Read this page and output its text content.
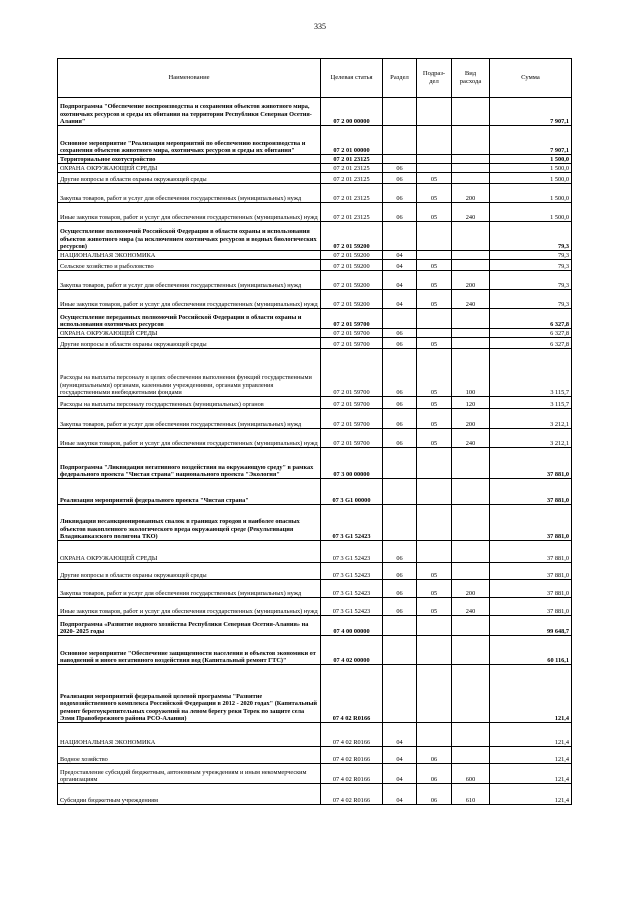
335
Наименование	Целевая статья	Раздел	Подраз-дел	Вид расхода	Сумма
Подпрограмма "Обеспечение воспроизводства и сохранения объектов животного мира, охотничьих ресурсов и среды их обитания на территории Республики Северная Осетия-Алания"	07 2 00 00000				7 907,1
Основное мероприятие "Реализация мероприятий по обеспечению воспроизводства и сохранения объектов животного мира, охотничьих ресурсов и среды их обитания"	07 2 01 00000				7 907,1
Территориальное охотустройство	07 2 01 23125				1 500,0
ОХРАНА ОКРУЖАЮЩЕЙ СРЕДЫ	07 2 01 23125	06			1 500,0
Другие вопросы в области охраны окружающей среды	07 2 01 23125	06	05		1 500,0
Закупка товаров, работ и услуг для обеспечения государственных (муниципальных) нужд	07 2 01 23125	06	05	200	1 500,0
Иные закупки товаров, работ и услуг для обеспечения государственных (муниципальных) нужд	07 2 01 23125	06	05	240	1 500,0
Осуществление полномочий Российской Федерации в области охраны и использования объектов животного мира (за исключением охотничьих ресурсов и водных биологических ресурсов)	07 2 01 59200				79,3
НАЦИОНАЛЬНАЯ ЭКОНОМИКА	07 2 01 59200	04			79,3
Сельское хозяйство и рыболовство	07 2 01 59200	04	05		79,3
Закупка товаров, работ и услуг для обеспечения государственных (муниципальных) нужд	07 2 01 59200	04	05	200	79,3
Иные закупки товаров, работ и услуг для обеспечения государственных (муниципальных) нужд	07 2 01 59200	04	05	240	79,3
Осуществление переданных полномочий Российской Федерации в области охраны и использования охотничьих ресурсов	07 2 01 59700				6 327,8
ОХРАНА ОКРУЖАЮЩЕЙ СРЕДЫ	07 2 01 59700	06			6 327,8
Другие вопросы в области охраны окружающей среды	07 2 01 59700	06	05		6 327,8
Расходы на выплаты персоналу в целях обеспечения выполнения функций государственными (муниципальными) органами, казенными учреждениями, органами управления государственными внебюджетными фондами	07 2 01 59700	06	05	100	3 115,7
Расходы на выплаты персоналу государственных (муниципальных) органов	07 2 01 59700	06	05	120	3 115,7
Закупка товаров, работ и услуг для обеспечения государственных (муниципальных) нужд	07 2 01 59700	06	05	200	3 212,1
Иные закупки товаров, работ и услуг для обеспечения государственных (муниципальных) нужд	07 2 01 59700	06	05	240	3 212,1
Подпрограмма "Ликвидация негативного воздействия на окружающую среду" в рамках федерального проекта "Чистая страна" национального проекта "Экология"	07 3 00 00000				37 881,0
Реализация мероприятий федерального проекта "Чистая страна"	07 3 G1 00000				37 881,0
Ликвидация несанкционированных свалок в границах городов и наиболее опасных объектов накопленного экологического вреда окружающей среде (Рекультивация Владикавказского полигона ТКО)	07 3 G1 52423				37 881,0
ОХРАНА ОКРУЖАЮЩЕЙ СРЕДЫ	07 3 G1 52423	06			37 881,0
Другие вопросы в области охраны окружающей среды	07 3 G1 52423	06	05		37 881,0
Закупка товаров, работ и услуг для обеспечения государственных (муниципальных) нужд	07 3 G1 52423	06	05	200	37 881,0
Иные закупки товаров, работ и услуг для обеспечения государственных (муниципальных) нужд	07 3 G1 52423	06	05	240	37 881,0
Подпрограмма «Развитие водного хозяйства Республики Северная Осетия-Алания» на 2020- 2025 годы	07 4 00 00000				99 648,7
Основное мероприятие "Обеспечение защищенности населения и объектов экономики от наводнений и иного негативного воздействия вод (Капитальный ремонт ГТС)"	07 4 02 00000				60 116,1
Реализация мероприятий федеральной целевой программы "Развитие водохозяйственного комплекса Российской Федерации в 2012 - 2020 годах" (Капитальный ремонт берегоукрепительных сооружений на левом берегу реки Терек по защите села Эзми Правобережного района РСО-Алания)	07 4 02 R0166				121,4
НАЦИОНАЛЬНАЯ ЭКОНОМИКА	07 4 02 R0166	04			121,4
Водное хозяйство	07 4 02 R0166	04	06		121,4
Предоставление субсидий бюджетным, автономным учреждениям и иным некоммерческим организациям	07 4 02 R0166	04	06	600	121,4
Субсидии бюджетным учреждениям	07 4 02 R0166	04	06	610	121,4
